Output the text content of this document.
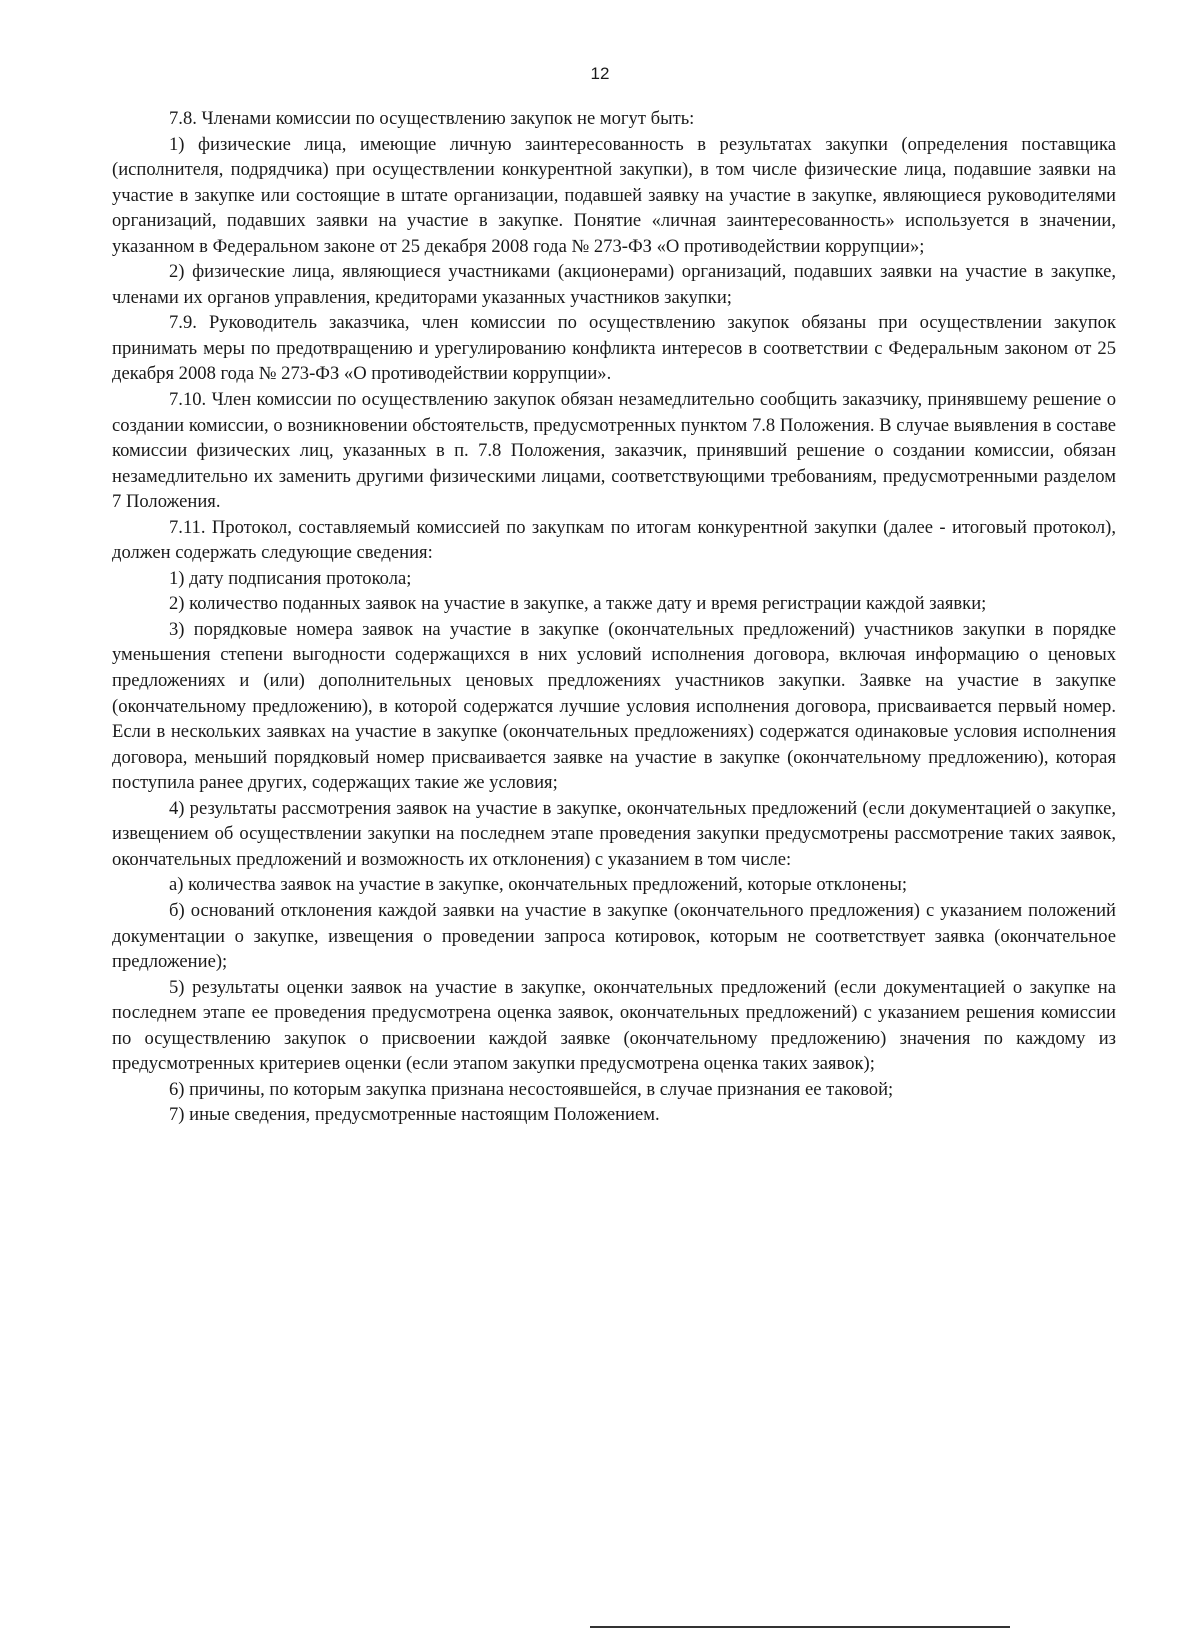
12

7.8. Членами комиссии по осуществлению закупок не могут быть:

1) физические лица, имеющие личную заинтересованность в результатах закупки (определения поставщика (исполнителя, подрядчика) при осуществлении конкурентной закупки), в том числе физические лица, подавшие заявки на участие в закупке или состоящие в штате организации, подавшей заявку на участие в закупке, являющиеся руководителями организаций, подавших заявки на участие в закупке. Понятие «личная заинтересованность» используется в значении, указанном в Федеральном законе от 25 декабря 2008 года № 273-ФЗ «О противодействии коррупции»;

2) физические лица, являющиеся участниками (акционерами) организаций, подавших заявки на участие в закупке, членами их органов управления, кредиторами указанных участников закупки;

7.9. Руководитель заказчика, член комиссии по осуществлению закупок обязаны при осуществлении закупок принимать меры по предотвращению и урегулированию конфликта интересов в соответствии с Федеральным законом от 25 декабря 2008 года № 273-ФЗ «О противодействии коррупции».

7.10. Член комиссии по осуществлению закупок обязан незамедлительно сообщить заказчику, принявшему решение о создании комиссии, о возникновении обстоятельств, предусмотренных пунктом 7.8 Положения. В случае выявления в составе комиссии физических лиц, указанных в п. 7.8 Положения, заказчик, принявший решение о создании комиссии, обязан незамедлительно их заменить другими физическими лицами, соответствующими требованиям, предусмотренными разделом 7 Положения.

7.11. Протокол, составляемый комиссией по закупкам по итогам конкурентной закупки (далее - итоговый протокол), должен содержать следующие сведения:

1) дату подписания протокола;

2) количество поданных заявок на участие в закупке, а также дату и время регистрации каждой заявки;

3) порядковые номера заявок на участие в закупке (окончательных предложений) участников закупки в порядке уменьшения степени выгодности содержащихся в них условий исполнения договора, включая информацию о ценовых предложениях и (или) дополнительных ценовых предложениях участников закупки. Заявке на участие в закупке (окончательному предложению), в которой содержатся лучшие условия исполнения договора, присваивается первый номер. Если в нескольких заявках на участие в закупке (окончательных предложениях) содержатся одинаковые условия исполнения договора, меньший порядковый номер присваивается заявке на участие в закупке (окончательному предложению), которая поступила ранее других, содержащих такие же условия;

4) результаты рассмотрения заявок на участие в закупке, окончательных предложений (если документацией о закупке, извещением об осуществлении закупки на последнем этапе проведения закупки предусмотрены рассмотрение таких заявок, окончательных предложений и возможность их отклонения) с указанием в том числе:

а) количества заявок на участие в закупке, окончательных предложений, которые отклонены;

б) оснований отклонения каждой заявки на участие в закупке (окончательного предложения) с указанием положений документации о закупке, извещения о проведении запроса котировок, которым не соответствует заявка (окончательное предложение);

5) результаты оценки заявок на участие в закупке, окончательных предложений (если документацией о закупке на последнем этапе ее проведения предусмотрена оценка заявок, окончательных предложений) с указанием решения комиссии по осуществлению закупок о присвоении каждой заявке (окончательному предложению) значения по каждому из предусмотренных критериев оценки (если этапом закупки предусмотрена оценка таких заявок);

6) причины, по которым закупка признана несостоявшейся, в случае признания ее таковой;

7) иные сведения, предусмотренные настоящим Положением.
